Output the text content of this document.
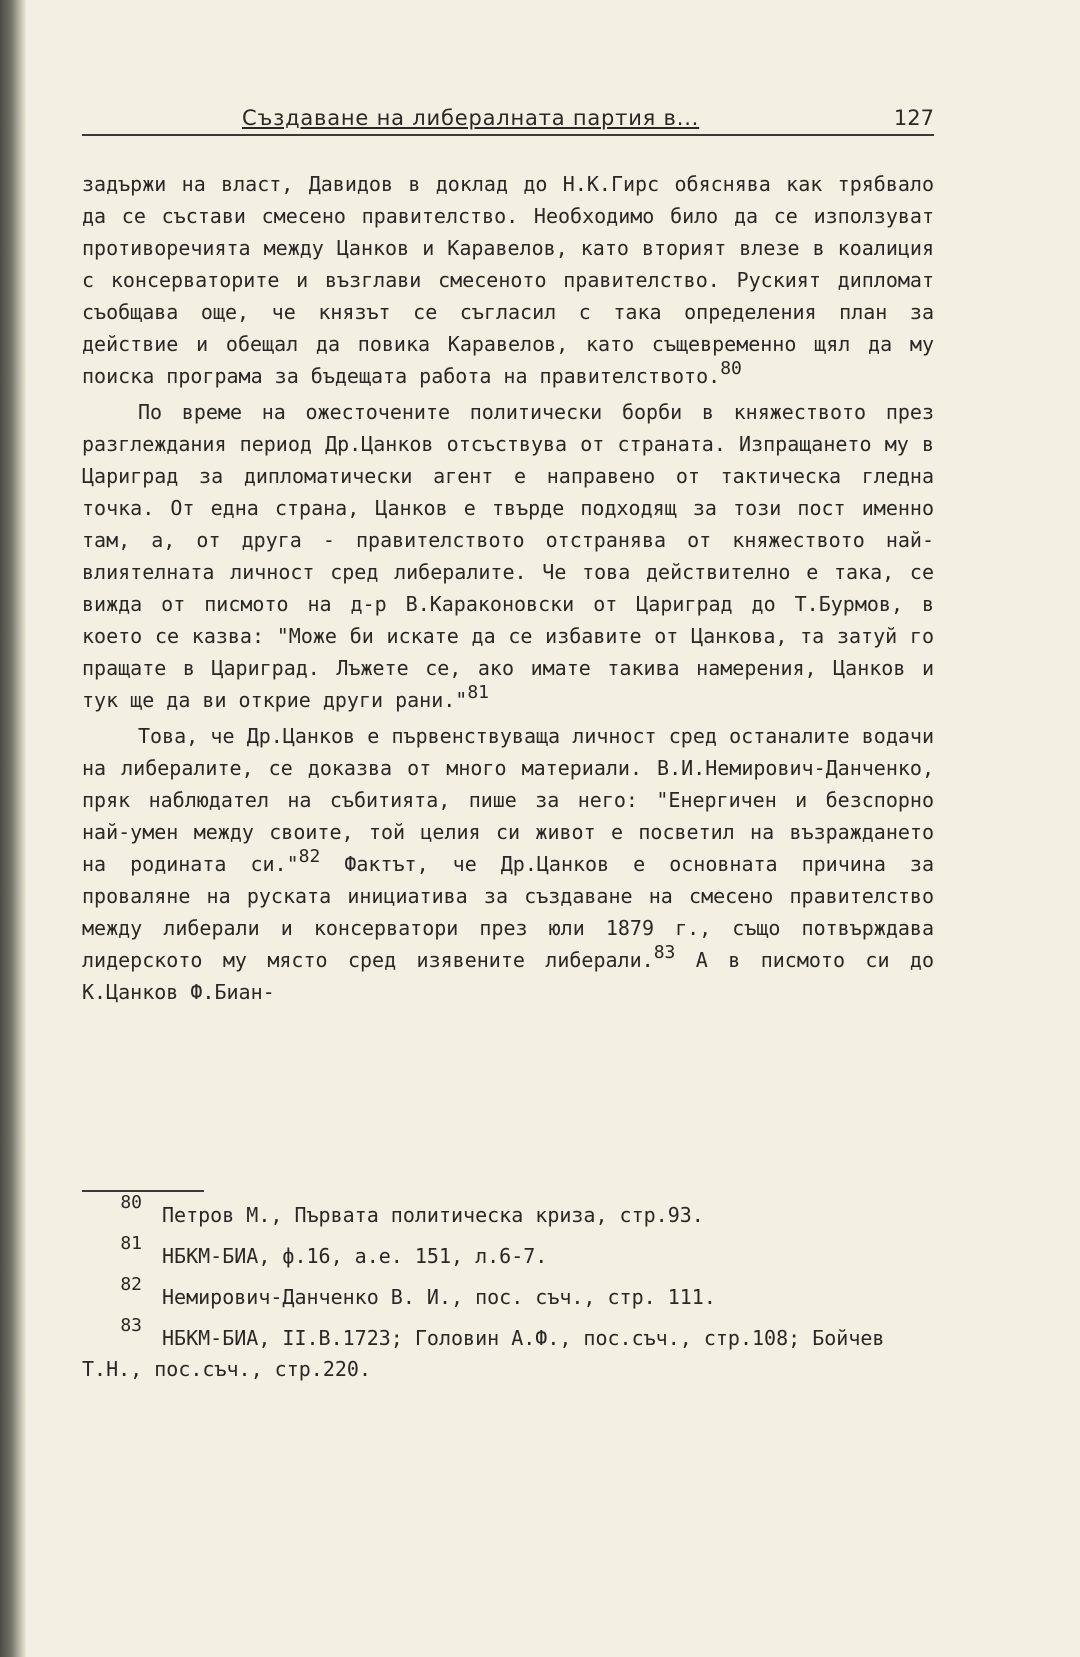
Създаване на либералната партия в...	127

задържи на власт, Давидов в доклад до Н.К.Гирс обяснява как трябвало да се състави смесено правителство. Необходимо било да се използуват противоречията между Цанков и Каравелов, като вторият влезе в коалиция с консерваторите и възглави смесеното правителство. Руският дипломат съобщава още, че князът се съгласил с така определения план за действие и обещал да повика Каравелов, като същевременно щял да му поиска програма за бъдещата работа на правителството.$^{80}$

По време на ожесточените политически борби в княжеството през разглеждания период Др.Цанков отсъствува от страната. Изпращането му в Цариград за дипломатически агент е направено от тактическа гледна точка. От една страна, Цанков е твърде подходящ за този пост именно там, а, от друга - правителството отстранява от княжеството най-влиятелната личност сред либералите. Че това действително е така, се вижда от писмото на д-р В.Караконовски от Цариград до Т.Бурмов, в което се казва: "Може би искате да се избавите от Цанкова, та затуй го пращате в Цариград. Лъжете се, ако имате такива намерения, Цанков и тук ще да ви открие други рани."$^{81}$

Това, че Др.Цанков е първенствуваща личност сред останалите водачи на либералите, се доказва от много материали. В.И.Немирович-Данченко, пряк наблюдател на събитията, пише за него: "Енергичен и безспорно най-умен между своите, той целия си живот е посветил на възраждането на родината си."$^{82}$ Фактът, че Др.Цанков е основната причина за проваляне на руската инициатива за създаване на смесено правителство между либерали и консерватори през юли 1879 г., също потвърждава лидерското му място сред изявените либерали.$^{83}$ А в писмото си до К.Цанков Ф.Биан-

80Петров М., Първата политическа криза, стр.93.
81НБКМ-БИА, ф.16, а.е. 151, л.6-7.
82Немирович-Данченко В. И., пос. съч., стр. 111.
83НБКМ-БИА, II.В.1723; Головин А.Ф., пос.съч., стр.108; Бойчев Т.Н., пос.съч., стр.220.
